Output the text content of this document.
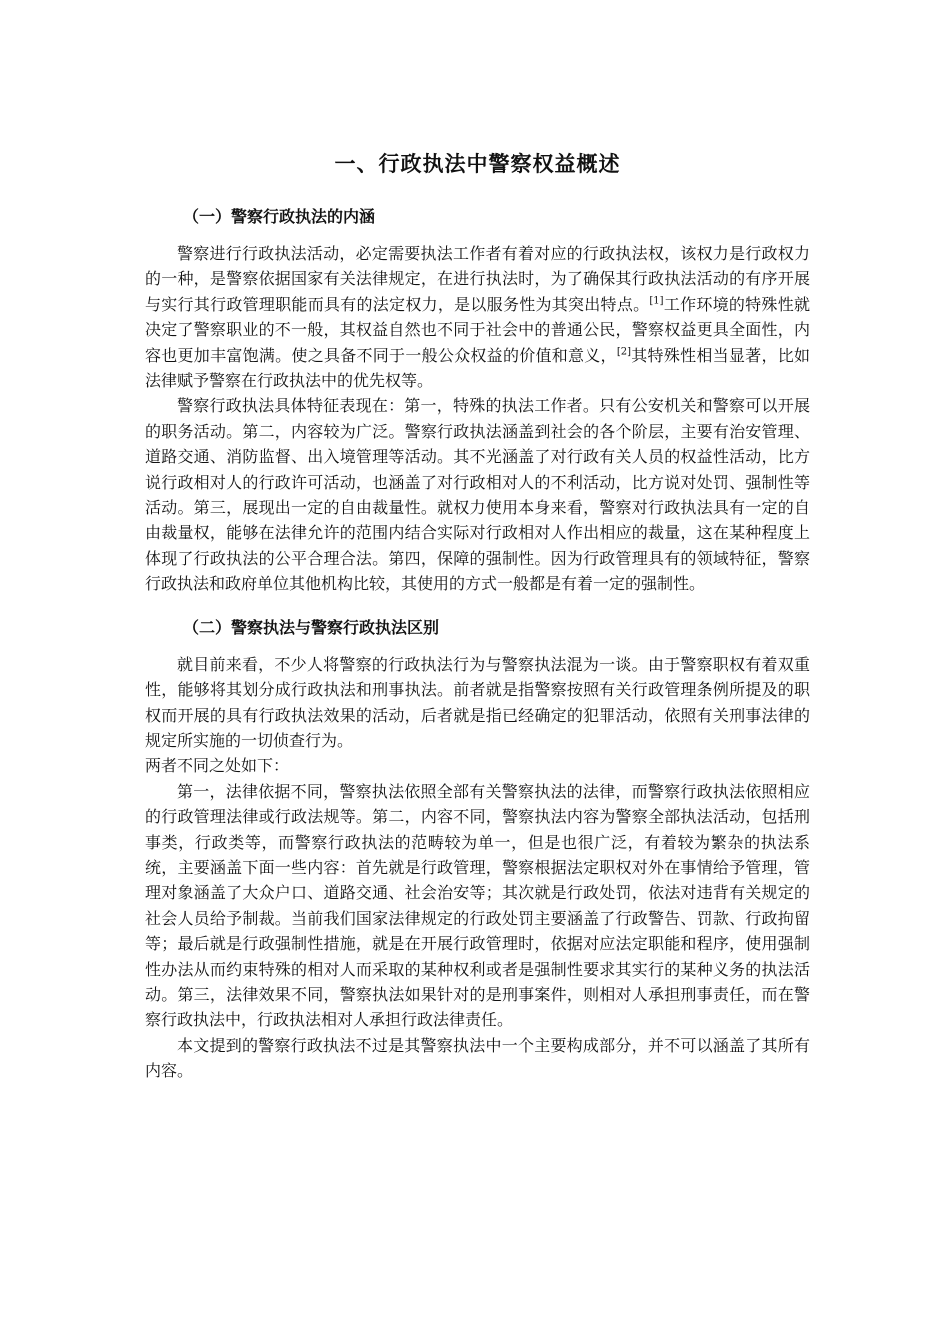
一、行政执法中警察权益概述
（一）警察行政执法的内涵

警察进行行政执法活动，必定需要执法工作者有着对应的行政执法权，该权力是行政权力的一种，是警察依据国家有关法律规定，在进行执法时，为了确保其行政执法活动的有序开展与实行其行政管理职能而具有的法定权力，是以服务性为其突出特点。[1]工作环境的特殊性就决定了警察职业的不一般，其权益自然也不同于社会中的普通公民，警察权益更具全面性，内容也更加丰富饱满。使之具备不同于一般公众权益的价值和意义，[2]其特殊性相当显著，比如法律赋予警察在行政执法中的优先权等。

警察行政执法具体特征表现在：第一，特殊的执法工作者。只有公安机关和警察可以开展的职务活动。第二，内容较为广泛。警察行政执法涵盖到社会的各个阶层，主要有治安管理、道路交通、消防监督、出入境管理等活动。其不光涵盖了对行政有关人员的权益性活动，比方说行政相对人的行政许可活动，也涵盖了对行政相对人的不利活动，比方说对处罚、强制性等活动。第三，展现出一定的自由裁量性。就权力使用本身来看，警察对行政执法具有一定的自由裁量权，能够在法律允许的范围内结合实际对行政相对人作出相应的裁量，这在某种程度上体现了行政执法的公平合理合法。第四，保障的强制性。因为行政管理具有的领域特征，警察行政执法和政府单位其他机构比较，其使用的方式一般都是有着一定的强制性。

（二）警察执法与警察行政执法区别

就目前来看，不少人将警察的行政执法行为与警察执法混为一谈。由于警察职权有着双重性，能够将其划分成行政执法和刑事执法。前者就是指警察按照有关行政管理条例所提及的职权而开展的具有行政执法效果的活动，后者就是指已经确定的犯罪活动，依照有关刑事法律的规定所实施的一切侦查行为。

两者不同之处如下：

第一，法律依据不同，警察执法依照全部有关警察执法的法律，而警察行政执法依照相应的行政管理法律或行政法规等。第二，内容不同，警察执法内容为警察全部执法活动，包括刑事类，行政类等，而警察行政执法的范畴较为单一，但是也很广泛，有着较为繁杂的执法系统，主要涵盖下面一些内容：首先就是行政管理，警察根据法定职权对外在事情给予管理，管理对象涵盖了大众户口、道路交通、社会治安等；其次就是行政处罚，依法对违背有关规定的社会人员给予制裁。当前我们国家法律规定的行政处罚主要涵盖了行政警告、罚款、行政拘留等；最后就是行政强制性措施，就是在开展行政管理时，依据对应法定职能和程序，使用强制性办法从而约束特殊的相对人而采取的某种权利或者是强制性要求其实行的某种义务的执法活动。第三，法律效果不同，警察执法如果针对的是刑事案件，则相对人承担刑事责任，而在警察行政执法中，行政执法相对人承担行政法律责任。

本文提到的警察行政执法不过是其警察执法中一个主要构成部分，并不可以涵盖了其所有内容。
